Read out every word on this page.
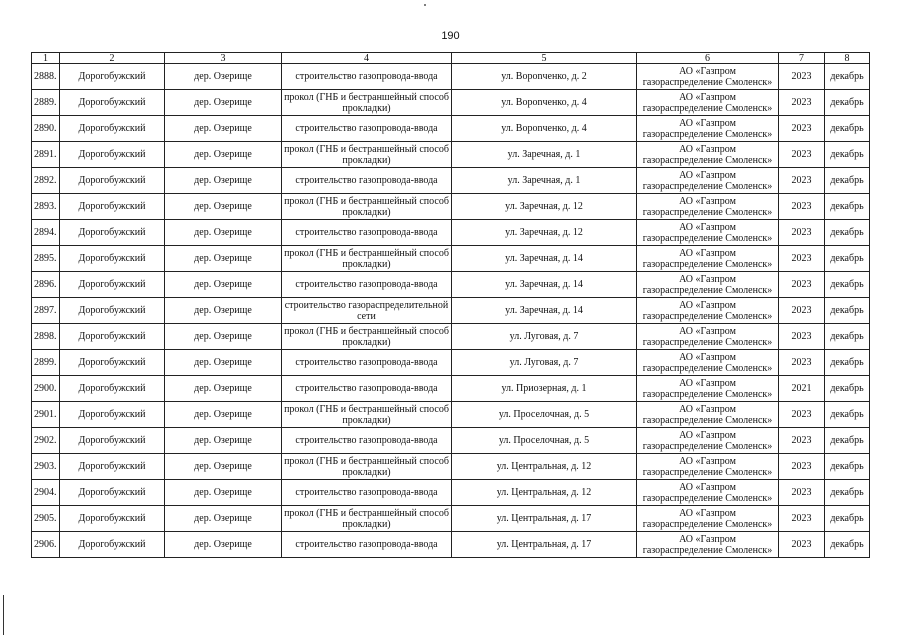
190
1	2	3	4	5	6	7	8
2888.	Дорогобужский	дер. Озерище	строительство газопровода-ввода	ул. Ворonченко, д. 2	АО «Газпром газораспределение Смоленск»	2023	декабрь
2889.	Дорогобужский	дер. Озерище	прокол (ГНБ и бестраншейный способ прокладки)	ул. Ворonченко, д. 4	АО «Газпром газораспределение Смоленск»	2023	декабрь
2890.	Дорогобужский	дер. Озерище	строительство газопровода-ввода	ул. Ворonченко, д. 4	АО «Газпром газораспределение Смоленск»	2023	декабрь
2891.	Дорогобужский	дер. Озерище	прокол (ГНБ и бестраншейный способ прокладки)	ул. Заречная, д. 1	АО «Газпром газораспределение Смоленск»	2023	декабрь
2892.	Дорогобужский	дер. Озерище	строительство газопровода-ввода	ул. Заречная, д. 1	АО «Газпром газораспределение Смоленск»	2023	декабрь
2893.	Дорогобужский	дер. Озерище	прокол (ГНБ и бестраншейный способ прокладки)	ул. Заречная, д. 12	АО «Газпром газораспределение Смоленск»	2023	декабрь
2894.	Дорогобужский	дер. Озерище	строительство газопровода-ввода	ул. Заречная, д. 12	АО «Газпром газораспределение Смоленск»	2023	декабрь
2895.	Дорогобужский	дер. Озерище	прокол (ГНБ и бестраншейный способ прокладки)	ул. Заречная, д. 14	АО «Газпром газораспределение Смоленск»	2023	декабрь
2896.	Дорогобужский	дер. Озерище	строительство газопровода-ввода	ул. Заречная, д. 14	АО «Газпром газораспределение Смоленск»	2023	декабрь
2897.	Дорогобужский	дер. Озерище	строительство газораспределительной сети	ул. Заречная, д. 14	АО «Газпром газораспределение Смоленск»	2023	декабрь
2898.	Дорогобужский	дер. Озерище	прокол (ГНБ и бестраншейный способ прокладки)	ул. Луговая, д. 7	АО «Газпром газораспределение Смоленск»	2023	декабрь
2899.	Дорогобужский	дер. Озерище	строительство газопровода-ввода	ул. Луговая, д. 7	АО «Газпром газораспределение Смоленск»	2023	декабрь
2900.	Дорогобужский	дер. Озерище	строительство газопровода-ввода	ул. Приозерная, д. 1	АО «Газпром газораспределение Смоленск»	2021	декабрь
2901.	Дорогобужский	дер. Озерище	прокол (ГНБ и бестраншейный способ прокладки)	ул. Проселочная, д. 5	АО «Газпром газораспределение Смоленск»	2023	декабрь
2902.	Дорогобужский	дер. Озерище	строительство газопровода-ввода	ул. Проселочная, д. 5	АО «Газпром газораспределение Смоленск»	2023	декабрь
2903.	Дорогобужский	дер. Озерище	прокол (ГНБ и бестраншейный способ прокладки)	ул. Центральная, д. 12	АО «Газпром газораспределение Смоленск»	2023	декабрь
2904.	Дорогобужский	дер. Озерище	строительство газопровода-ввода	ул. Центральная, д. 12	АО «Газпром газораспределение Смоленск»	2023	декабрь
2905.	Дорогобужский	дер. Озерище	прокол (ГНБ и бестраншейный способ прокладки)	ул. Центральная, д. 17	АО «Газпром газораспределение Смоленск»	2023	декабрь
2906.	Дорогобужский	дер. Озерище	строительство газопровода-ввода	ул. Центральная, д. 17	АО «Газпром газораспределение Смоленск»	2023	декабрь
